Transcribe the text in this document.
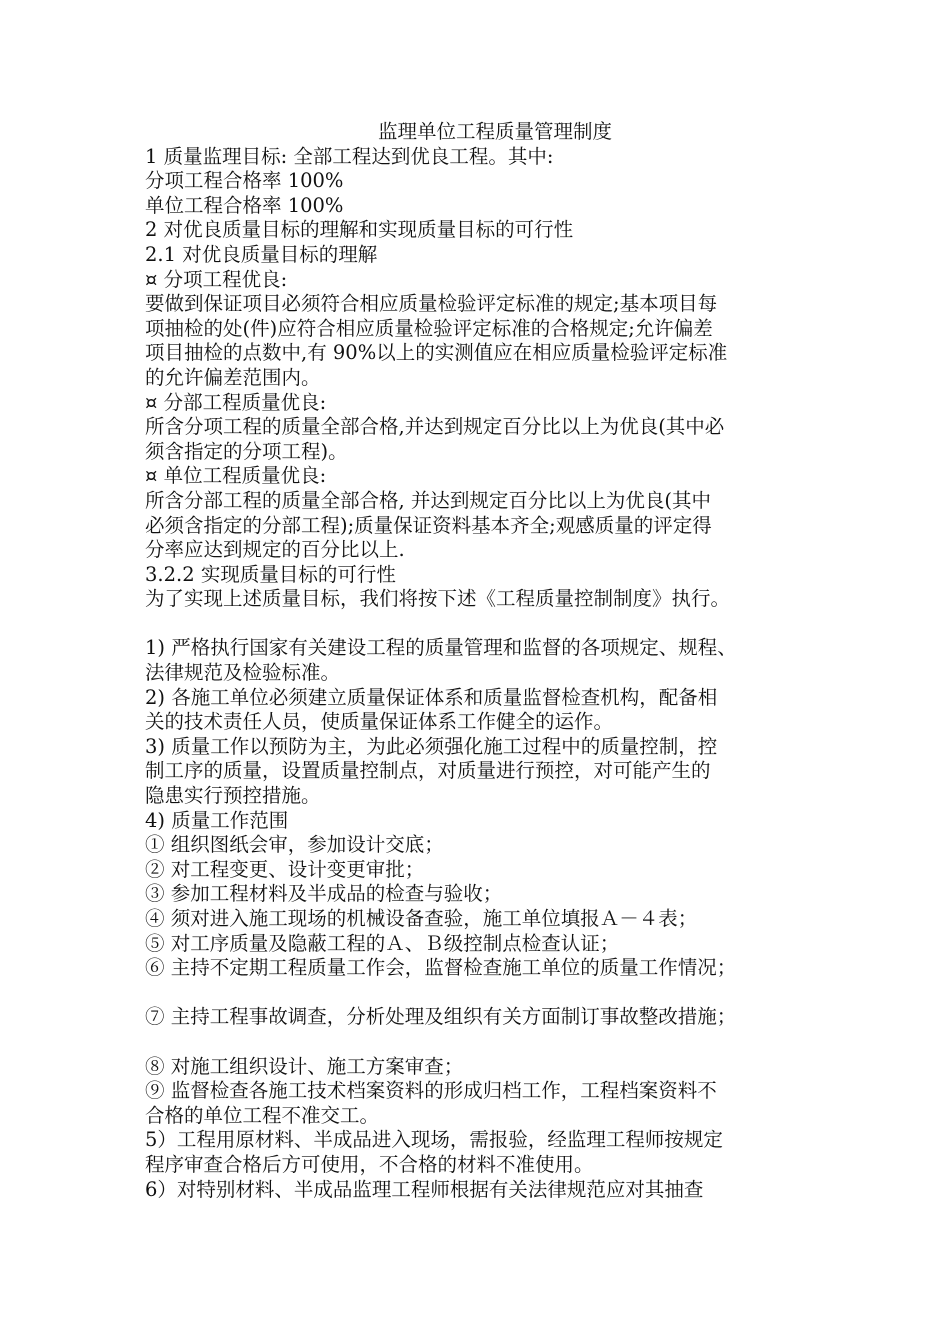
监理单位工程质量管理制度
1 质量监理目标: 全部工程达到优良工程。其中:
分项工程合格率 100%
单位工程合格率 100%
2 对优良质量目标的理解和实现质量目标的可行性
2.1 对优良质量目标的理解
¤ 分项工程优良:
要做到保证项目必须符合相应质量检验评定标准的规定;基本项目每
项抽检的处(件)应符合相应质量检验评定标准的合格规定;允许偏差
项目抽检的点数中,有 90%以上的实测值应在相应质量检验评定标准
的允许偏差范围内。
¤ 分部工程质量优良:
所含分项工程的质量全部合格,并达到规定百分比以上为优良(其中必
须含指定的分项工程)。
¤ 单位工程质量优良:
所含分部工程的质量全部合格, 并达到规定百分比以上为优良(其中
必须含指定的分部工程);质量保证资料基本齐全;观感质量的评定得
分率应达到规定的百分比以上.
3.2.2 实现质量目标的可行性
为了实现上述质量目标，我们将按下述《工程质量控制制度》执行。
1) 严格执行国家有关建设工程的质量管理和监督的各项规定、规程、
法律规范及检验标准。
2) 各施工单位必须建立质量保证体系和质量监督检查机构，配备相
关的技术责任人员，使质量保证体系工作健全的运作。
3) 质量工作以预防为主，为此必须强化施工过程中的质量控制，控
制工序的质量，设置质量控制点，对质量进行预控，对可能产生的
隐患实行预控措施。
4) 质量工作范围
① 组织图纸会审，参加设计交底；
② 对工程变更、设计变更审批；
③ 参加工程材料及半成品的检查与验收；
④ 须对进入施工现场的机械设备查验，施工单位填报Ａ－４表；
⑤ 对工序质量及隐蔽工程的Ａ、Ｂ级控制点检查认证；
⑥ 主持不定期工程质量工作会，监督检查施工单位的质量工作情况；
⑦ 主持工程事故调查，分析处理及组织有关方面制订事故整改措施；
⑧ 对施工组织设计、施工方案审查；
⑨ 监督检查各施工技术档案资料的形成归档工作，工程档案资料不
合格的单位工程不准交工。
5）工程用原材料、半成品进入现场，需报验，经监理工程师按规定
程序审查合格后方可使用，不合格的材料不准使用。
6）对特别材料、半成品监理工程师根据有关法律规范应对其抽查
